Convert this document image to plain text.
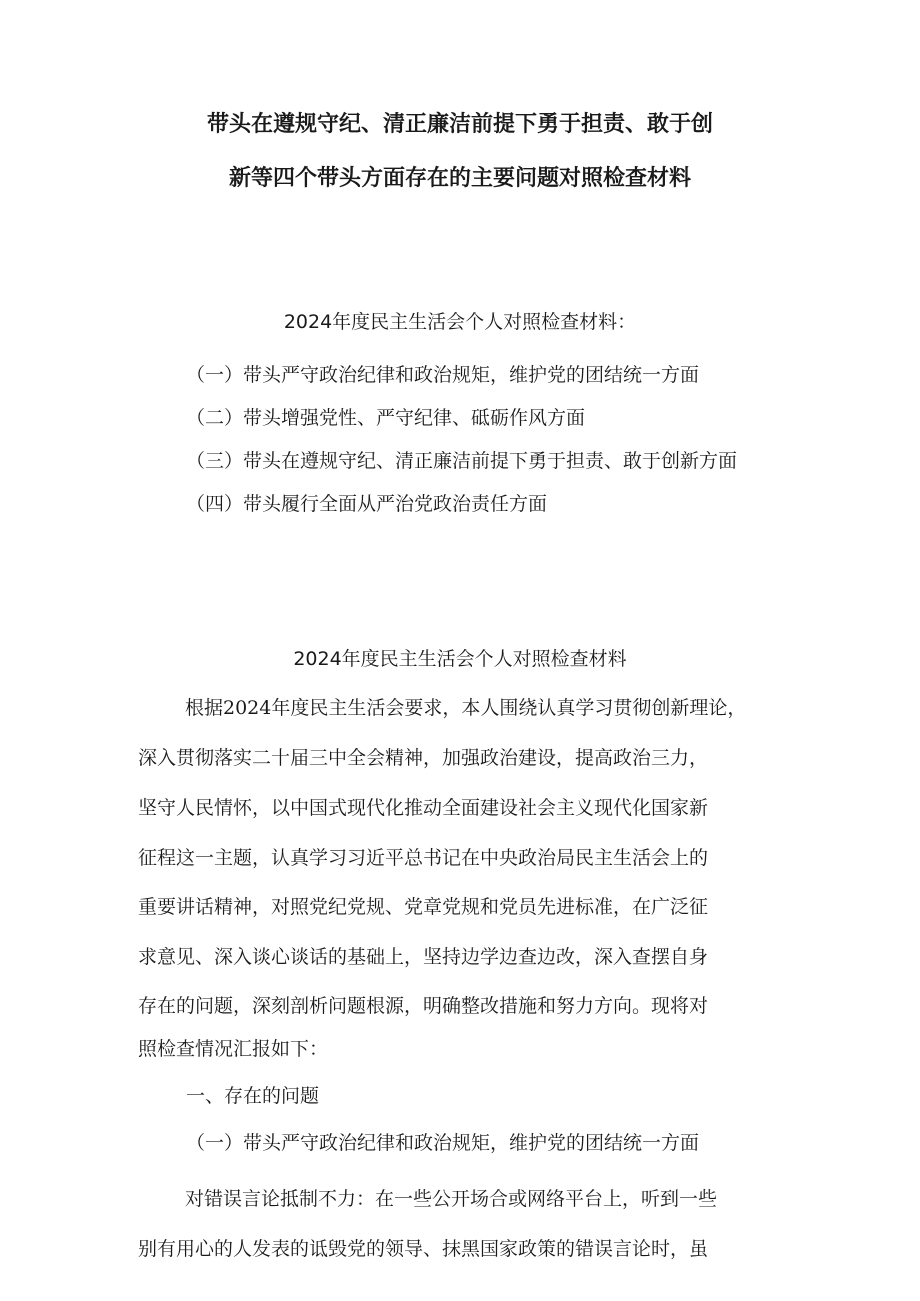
带头在遵规守纪、清正廉洁前提下勇于担责、敢于创
新等四个带头方面存在的主要问题对照检查材料
2024年度民主生活会个人对照检查材料：
（一）带头严守政治纪律和政治规矩，维护党的团结统一方面
（二）带头增强党性、严守纪律、砥砺作风方面
（三）带头在遵规守纪、清正廉洁前提下勇于担责、敢于创新方面
（四）带头履行全面从严治党政治责任方面
2024年度民主生活会个人对照检查材料
根据2024年度民主生活会要求，本人围绕认真学习贯彻创新理论，
深入贯彻落实二十届三中全会精神，加强政治建设，提高政治三力，
坚守人民情怀，以中国式现代化推动全面建设社会主义现代化国家新
征程这一主题，认真学习习近平总书记在中央政治局民主生活会上的
重要讲话精神，对照党纪党规、党章党规和党员先进标准，在广泛征
求意见、深入谈心谈话的基础上，坚持边学边查边改，深入查摆自身
存在的问题，深刻剖析问题根源，明确整改措施和努力方向。现将对
照检查情况汇报如下：
一、存在的问题
（一）带头严守政治纪律和政治规矩，维护党的团结统一方面
对错误言论抵制不力：在一些公开场合或网络平台上，听到一些
别有用心的人发表的诋毁党的领导、抹黑国家政策的错误言论时，虽
